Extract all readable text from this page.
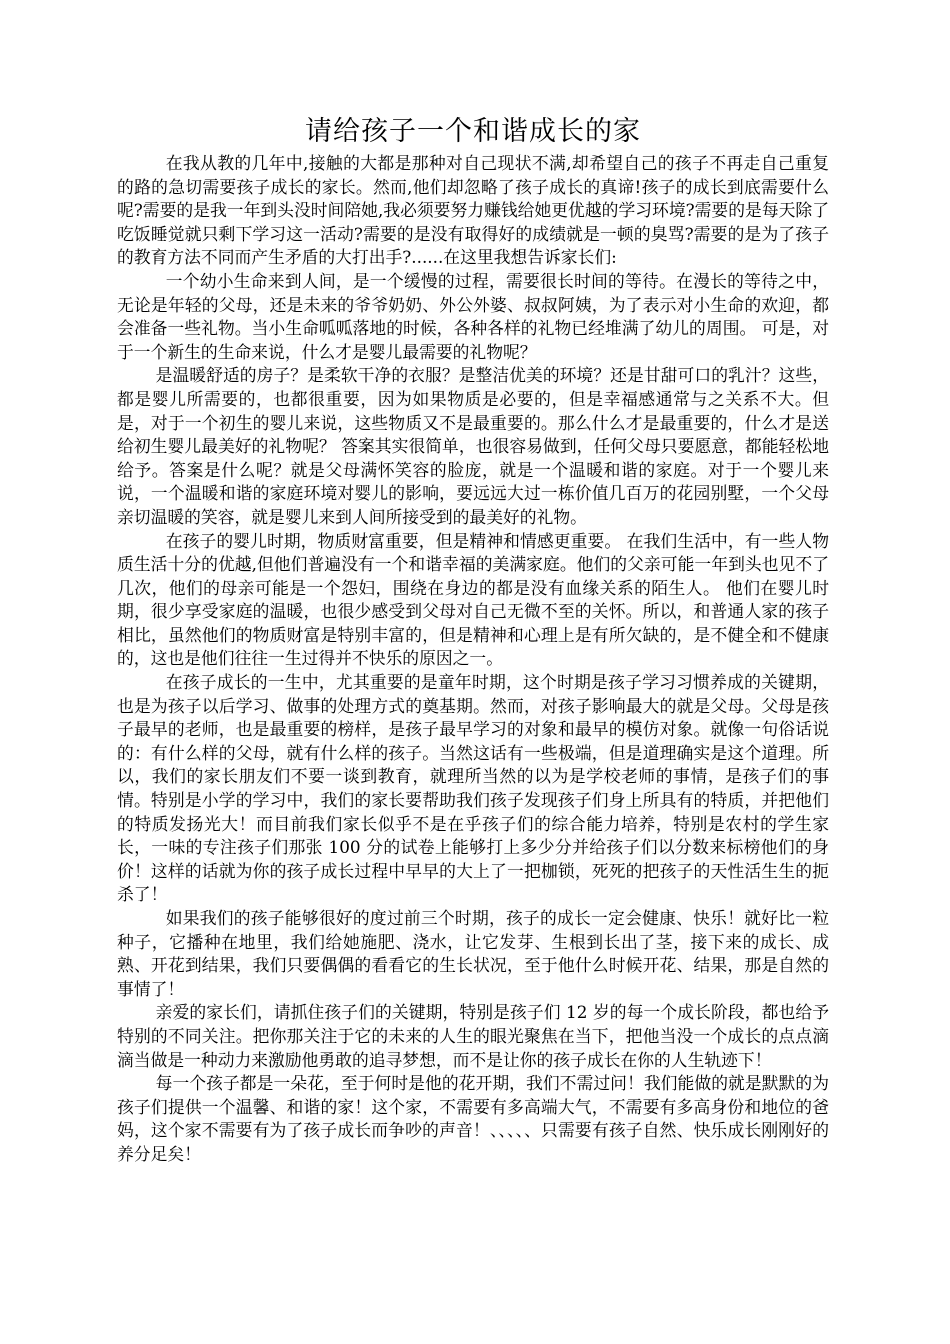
请给孩子一个和谐成长的家

在我从教的几年中,接触的大都是那种对自己现状不满,却希望自己的孩子不再走自己重复的路的急切需要孩子成长的家长。然而,他们却忽略了孩子成长的真谛!孩子的成长到底需要什么呢?需要的是我一年到头没时间陪她,我必须要努力赚钱给她更优越的学习环境?需要的是每天除了吃饭睡觉就只剩下学习这一活动?需要的是没有取得好的成绩就是一顿的臭骂?需要的是为了孩子的教育方法不同而产生矛盾的大打出手?......在这里我想告诉家长们:

一个幼小生命来到人间，是一个缓慢的过程，需要很长时间的等待。在漫长的等待之中，无论是年轻的父母，还是未来的爷爷奶奶、外公外婆、叔叔阿姨，为了表示对小生命的欢迎，都会准备一些礼物。当小生命呱呱落地的时候，各种各样的礼物已经堆满了幼儿的周围。 可是，对于一个新生的生命来说，什么才是婴儿最需要的礼物呢？

是温暖舒适的房子？是柔软干净的衣服？是整洁优美的环境？还是甘甜可口的乳汁？这些，都是婴儿所需要的，也都很重要，因为如果物质是必要的，但是幸福感通常与之关系不大。但是，对于一个初生的婴儿来说，这些物质又不是最重要的。那么什么才是最重要的，什么才是送给初生婴儿最美好的礼物呢？ 答案其实很简单，也很容易做到，任何父母只要愿意，都能轻松地给予。答案是什么呢？就是父母满怀笑容的脸庞，就是一个温暖和谐的家庭。对于一个婴儿来说，一个温暖和谐的家庭环境对婴儿的影响，要远远大过一栋价值几百万的花园别墅，一个父母亲切温暖的笑容，就是婴儿来到人间所接受到的最美好的礼物。

在孩子的婴儿时期，物质财富重要，但是精神和情感更重要。 在我们生活中，有一些人物质生活十分的优越,但他们普遍没有一个和谐幸福的美满家庭。他们的父亲可能一年到头也见不了几次，他们的母亲可能是一个怨妇，围绕在身边的都是没有血缘关系的陌生人。 他们在婴儿时期，很少享受家庭的温暖，也很少感受到父母对自己无微不至的关怀。所以，和普通人家的孩子相比，虽然他们的物质财富是特别丰富的，但是精神和心理上是有所欠缺的，是不健全和不健康的，这也是他们往往一生过得并不快乐的原因之一。

在孩子成长的一生中，尤其重要的是童年时期，这个时期是孩子学习习惯养成的关键期，也是为孩子以后学习、做事的处理方式的奠基期。然而，对孩子影响最大的就是父母。父母是孩子最早的老师，也是最重要的榜样，是孩子最早学习的对象和最早的模仿对象。就像一句俗话说的：有什么样的父母，就有什么样的孩子。当然这话有一些极端，但是道理确实是这个道理。所以，我们的家长朋友们不要一谈到教育，就理所当然的以为是学校老师的事情，是孩子们的事情。特别是小学的学习中，我们的家长要帮助我们孩子发现孩子们身上所具有的特质，并把他们的特质发扬光大！而目前我们家长似乎不是在乎孩子们的综合能力培养，特别是农村的学生家长，一味的专注孩子们那张 100 分的试卷上能够打上多少分并给孩子们以分数来标榜他们的身价！这样的话就为你的孩子成长过程中早早的大上了一把枷锁，死死的把孩子的天性活生生的扼杀了！

如果我们的孩子能够很好的度过前三个时期，孩子的成长一定会健康、快乐！就好比一粒种子，它播种在地里，我们给她施肥、浇水，让它发芽、生根到长出了茎，接下来的成长、成熟、开花到结果，我们只要偶偶的看看它的生长状况，至于他什么时候开花、结果，那是自然的事情了！

亲爱的家长们，请抓住孩子们的关键期，特别是孩子们 12 岁的每一个成长阶段，都也给予特别的不同关注。把你那关注于它的未来的人生的眼光聚焦在当下，把他当没一个成长的点点滴滴当做是一种动力来激励他勇敢的追寻梦想，而不是让你的孩子成长在你的人生轨迹下！

每一个孩子都是一朵花，至于何时是他的花开期，我们不需过问！我们能做的就是默默的为孩子们提供一个温馨、和谐的家！这个家，不需要有多高端大气，不需要有多高身份和地位的爸妈，这个家不需要有为了孩子成长而争吵的声音！、、、、、只需要有孩子自然、快乐成长刚刚好的养分足矣！
